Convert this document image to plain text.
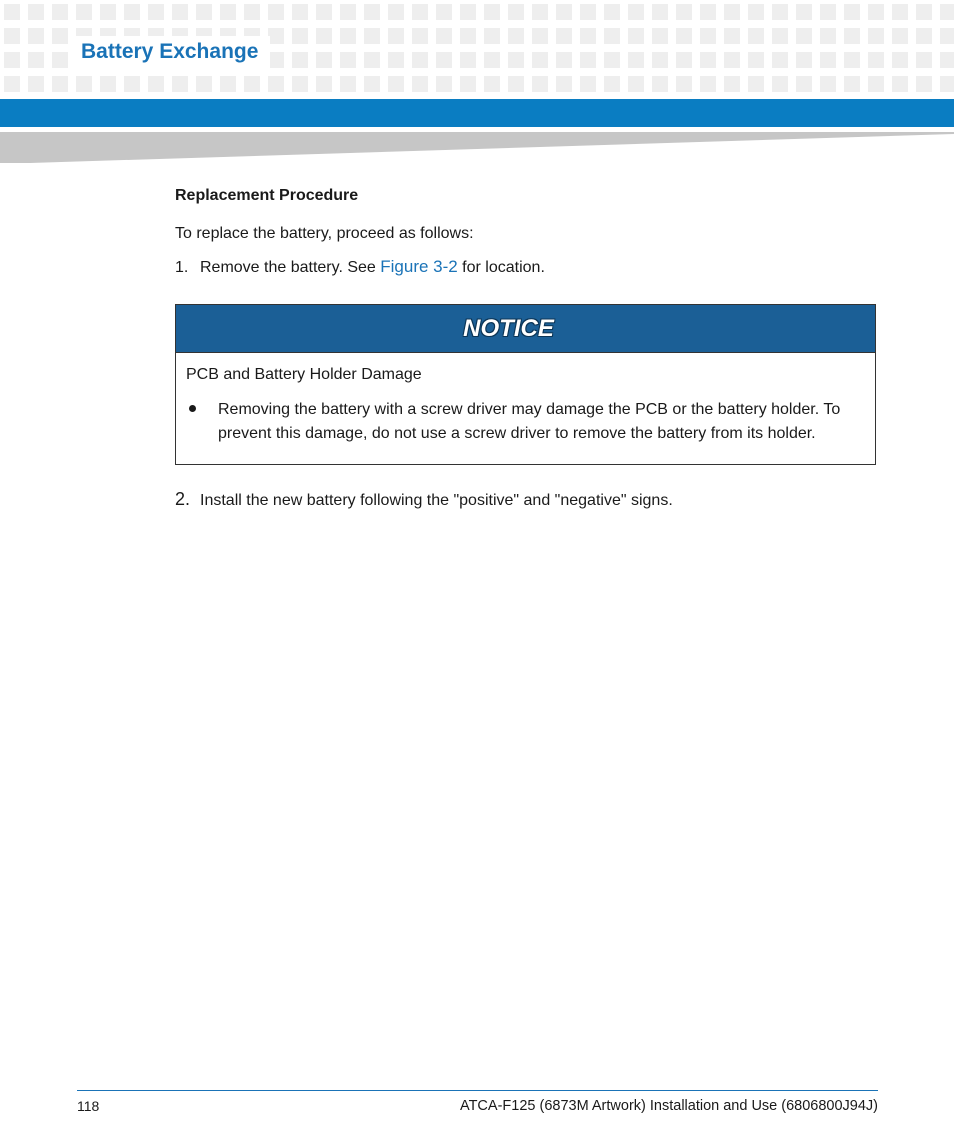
Battery Exchange
Replacement Procedure
To replace the battery, proceed as follows:
1. Remove the battery. See Figure 3-2 for location.
NOTICE
PCB and Battery Holder Damage
Removing the battery with a screw driver may damage the PCB or the battery holder. To prevent this damage, do not use a screw driver to remove the battery from its holder.
2. Install the new battery following the "positive" and "negative" signs.
118	ATCA-F125 (6873M Artwork) Installation and Use (6806800J94J)
